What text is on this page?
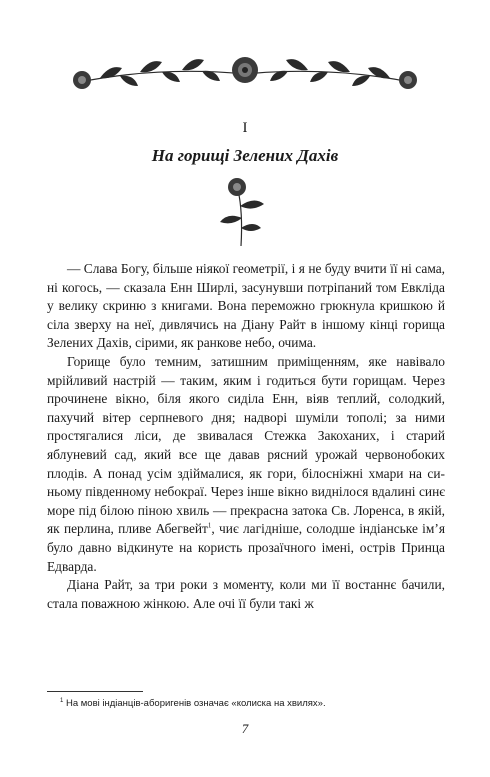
I
На горищі Зелених Дахів

— Слава Богу, більше ніякої геометрії, і я не буду вчити її ні сама, ні когось, — сказала Енн Ширлі, засунувши потріпаний том Евкліда у велику скриню з книгами. Вона переможно грюкнула кришкою й сіла зверху на неї, дивлячись на Діану Райт в іншому кінці горища Зелених Дахів, сірими, як ранкове небо, очима.

Горище було темним, затишним приміщенням, яке навівало мрійливий настрій — таким, яким і годиться бути горищам. Через прочинене вікно, біля якого сиділа Енн, віяв теплий, солодкий, пахучий вітер серпневого дня; надворі шуміли тополі; за ними простягалися ліси, де звивалася Стежка Закоханих, і старий яблуневий сад, який все ще давав рясний урожай червонобоких плодів. А понад усім здіймалися, як гори, білосніжні хмари на синьому південному небокраї. Через інше вікно виднілося вдалині синє море під білою піною хвиль — прекрасна затока Св. Лоренса, в якій, як перлина, пливе Абегвейт$^1$, чиє лагідніше, солодше індіанське ім’я було давно відкинуте на користь прозаїчного імені, острів Принца Едварда.

Діана Райт, за три роки з моменту, коли ми її востаннє бачили, стала поважною жінкою. Але очі її були такі ж

$^1$ На мові індіанців-аборигенів означає «колиска на хвилях».
7
